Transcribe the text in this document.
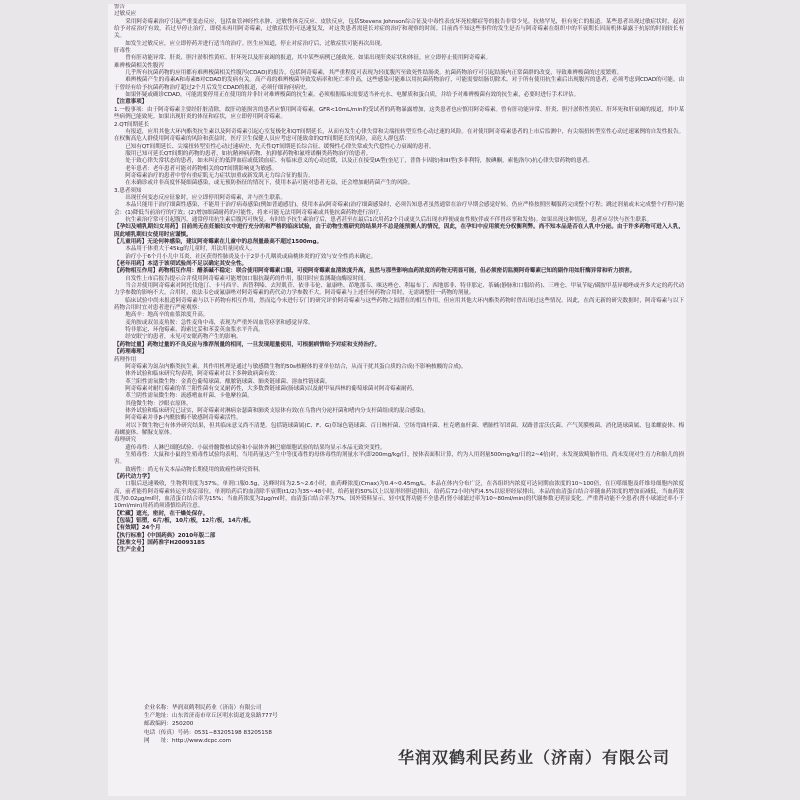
警告

过敏反应

采用阿奇霉素治疗引起严重变态反应，包括血管神经性水肿、过敏性休克反应、皮肤反应，包括Stevens Johnson综合征及中毒性表皮坏死松解症等的报告非常少见。抗热罕见，但有死亡的报道。某些患者出现过敏症状时，起初给予对症治疗有效，若过早停止治疗，即使未再用阿奇霉素，过敏症状仍可迅速复发，对这类患者需延长对症的治疗和观察的时间。目前尚不知这些事件的发生是否与阿奇霉素在组织中的半衰期长因而机体暴露于抗原的时间较长有关。

如发生过敏反应，应立即停药并进行适当的治疗。医生应知道，停止对症治疗后，过敏症状可能再次出现。

肝毒性

曾有肝功能异常、肝炎、胆汁淤积性黄疸、肝坏死以及肝衰竭的报道，其中某些病例已能致死。如果出现肝炎症状和体征，应立即停止使用阿奇霉素。

难辨梭菌相关性腹泻

几乎所有抗菌药物的应用都有难辨梭菌相关性腹泻(CDAD)的报告，包括阿奇霉素，其严重程度可表现为轻度腹泻至致死性结肠炎。抗菌药物治疗可引起结肠内正常菌群的改变，导致难辨梭菌的过度繁殖。

难辨梭菌产生的毒素A和毒素B对CDAD的发病有关。高产毒的难辨梭菌导致发病率和死亡率升高，这些感染可能难以用抗菌药物治疗，可能需要结肠切除术。对于所有使用抗生素后出现腹泻的患者，必须考虑到CDAD的可能。由于曾经有给予抗菌药物治疗超过2个月后发生CDAD的报道，必须仔细询问病史。

如果怀疑或确诊CDAD，可能需要停用正在使用的并非针对难辨梭菌的抗生素。必须根据临床需要适当补充水、电解质和蛋白质，并给予对难辨梭菌有效的抗生素，必要时进行手术评估。

【注意事项】

1.一般事项：由于阿奇霉素主要经肝脏清除，故肝功能损害的患者应慎用阿奇霉素。GFR<10mL/min的受试者的药物暴露增加，这类患者也应慎用阿奇霉素。曾有肝功能异常、肝炎、胆汁淤积性黄疸、肝坏死和肝衰竭的报道，其中某些病例已能致死。如果出现肝炎的体征和症状，应立即停用阿奇霉素。

2.QT间期延长

有报道，应用其他大环内酯类抗生素以及阿奇霉素引起心室复极化和QT间期延长，从而有发生心律失常和尖端扭转型室性心动过速的风险。在对使用阿奇霉素患者的上市后监测中，有尖端扭转型室性心动过速案例的自发性报告。在权衡高危人群使用阿奇霉素的风险和获益时，医疗卫生保健人员应考虑可能致命的QT间期延长的风险，高危人群包括：

已知有QT间期延长、尖端扭转型室性心动过速病史、先天性QT间期延长综合征、缓慢性心律失常或失代偿性心力衰竭的患者。

服用已知可延长QT间期的药物的患者，如抗精神病药物、抗抑郁药物和氟喹诺酮类药物治疗的患者。

处于致心律失常状态的患者，如未纠正的低钾血症或低镁血症、有临床意义的心动过缓，以及正在接受IA型(奎尼丁，普鲁卡因胺)和III型(多非利特，胺碘酮，索他洛尔)抗心律失常药物的患者。

老年患者：老年患者可能对药物相关的QT间期影响更为敏感。

阿奇霉素治疗的患者中曾有重症肌无力症状加重或新发肌无力综合征的报告。

在未确诊或并非高度怀疑细菌感染，或无预防指征的情况下，使用本品可能对患者无益，还会增加耐药菌产生的风险。

3.患者须知

出现任何变态反应征象时，应立即停用阿奇霉素，并与医生联系。

本品只能用于治疗细菌性感染，不能用于治疗病毒感染(例如普通感冒)。使用本品(阿奇霉素)治疗细菌感染时，必须告知患者虽然通常在治疗早期会感觉好转，仍应严格按照医嘱服药完成整个疗程；跳过剂量或未完成整个疗程可能会：(1)降低当前治疗的疗效；(2)增加细菌耐药的可能性，将来可能无法用阿奇霉素或其他抗菌药物进行治疗。

抗生素治疗常可引起腹泻，通常停用抗生素后腹泻可恢复。有时给予抗生素治疗后，患者甚至在最后1次用药2个月或更久后出现水样便或血性便(伴或不伴胃痉挛和发热)。如果出现这种情况，患者应尽快与医生联系。

【孕妇及哺乳期妇女用药】目前尚无在妊娠妇女中进行充分的和严格的临床试验，由于动物生殖研究的结果并不总是能预测人的情况，因此，在孕妇中应用须充分权衡利弊。尚不知本品是否在人乳中分泌。由于许多药物可进入人乳，因此哺乳期妇女使用时应谨慎。

【儿童用药】无论何种感染，建议阿奇霉素在儿童中的总剂量最高不超过1500mg。

本品用于体重大于45kg的儿童时，用法用量同成人。

治疗小于6个月小儿中耳炎、社区获得性肺炎及小于2岁小儿咽炎或扁桃体炎的疗效与安全性尚未确定。

【老年用药】本适于该项试验尚不足以确定其安全性。

【药物相互作用】药物相互作用：醋茶碱不稳定：联合使用阿奇霉素口服，可使阿奇霉素血清浓度升高，虽然与那些影响血药浓度的药物无明显可能，但必须密切监测阿奇霉素已知的副作用如肝酶异常和听力损害。

自发性上市后报告提示合并使用阿奇霉素可能增加口服抗凝药的作用，服用时应监测凝血酶原时间。

当合并使用阿奇霉素对阿托伐他汀、卡马西平、西替利嗪、去羟肌苷、依非韦伦、氟康唑、茚地那韦、咪达唑仑、利福布丁、西地那非、特非那定、茶碱(静脉和口服给药)、三唑仑、甲氧苄啶/磺胺甲基异噁唑或齐多夫定的药代动力学参数的影响不大。合用时，依法韦仑或氟康唑对阿奇霉素的药代动力学参数不大。阿奇霉素与上述任何药物合用时，无需调整任一药物的剂量。

临床试验中尚未报道阿奇霉素与以下药物有相互作用，然而迄今未进行专门的研究评价阿奇霉素与这些药物之间潜在的相互作用，但应用其他大环内酯类药物时曾出现过这些情况。因此，在尚无新的研究数据时，阿奇霉素与以下药物合用时宜对患者进行严密观察：

地高辛：地高辛的血浆浓度升高。

麦角胺或双氢麦角胺：急性麦角中毒，表现为严重外周血管痉挛和感觉异常。

特非那定、环孢霉素、海索比妥和苯妥英血浆水平升高。

经安眠宁的患者，未见可安眠药物产生的影响。

【药物过量】药物过量的不良反应与推荐剂量的相同，一旦发现超量使用，可根据病情给予对症和支持治疗。

【药理毒理】

药理作用

阿奇霉素为氮杂内酯类抗生素，其作用机理是通过与敏感微生物的50s核糖体的亚单位结合，从而干扰其蛋白质的合成(不影响核酸的合成)。

体外试验和临床研究均表明，阿奇霉素对以下多种致病菌有效：

革兰阳性需氧微生物：金黄色葡萄球菌、酿脓链球菌、肺炎链球菌、溶血性链球菌。

阿奇霉素对耐红霉素的革兰阳性菌有交叉耐药性，大多数粪链球菌(肠球菌)以及耐甲氧西林的葡萄球菌对阿奇霉素耐药。

革兰阴性需氧微生物：流感嗜血杆菌、卡他摩拉菌。

其他微生物：沙眼衣原体。

体外试验和临床研究已证实，阿奇霉素对淋病奈瑟菌和肺炎支原体有效(在乌鲁内分泌杆菌和嗜内分支杆菌组成的混合感染)。

阿奇霉素并非β-内酰胺酶不敏感阿奇霉素活性。

对以下微生物已有体外研究结果，但其临床意义尚不清楚。包括链球菌属(C、F、G)草绿色链球菌、百日咳杆菌、空场弯曲杆菌、杜克嗜血杆菌、嗜肺性军团菌、双路普雷沃氏菌、产气荚膜梭菌、消化链球菌属、包柔螺旋体、梅毒螺旋体、解脲支原体。

毒理研究

遗传毒性：人淋巴细胞试验、小鼠骨髓微核试验和小鼠体外淋巴瘤细胞试验的结果均显示本品无致突变性。

生殖毒性：大鼠和小鼠的生殖毒性试验均表明，当用药量达产生中等度毒性的母体毒性的剂量水平(即200mg/kg/日，按体表面积计算，约为人用剂量500mg/kg/日的2~4倍)时，未发现致畸胎作用。尚未发现对生育力和胎儿的损害。

致癌性：尚无有关本品动物长期使用的致癌性研究资料。

【药代动力学】

口服后迅速吸收，生物利用度为37%。单剂口服0.5g，达峰时间为2.5~2.6小时，血药峰浓度(Cmax)为0.4~0.45mg/L。本品在体内分布广泛，在各组织内浓度可达同期血浓度的10~100倍，在巨噬细胞及纤维母细胞内浓度高，前者能将阿奇霉素转运至炎症部位。单剂给药后的血清除半衰期(t1/2)为35~48小时，给药量的50%以上以原形经胆道排出，给药后72小时内约4.5%以原形经尿排出。本品的血清蛋白结合率随血药浓度的增加而减低，当血药浓度为0.02μg/ml时，血清蛋白结合率为15%；当血药浓度为2μg/ml时，血清蛋白结合率为7%。国外资料显示，轻中度肾功能不全患者(肾小球滤过率为10~80ml/min)的代谢参数无明显变化。严重肾功能不全患者(肾小球滤过率小于10ml/min)用药尚须谨慎给药注意。

【贮藏】遮光，密封，在干燥处保存。

【包装】铝塑，6片/板，10片/板，12片/板，14片/板。

【有效期】24个月

【执行标准】《中国药典》2010年版二部

【批准文号】国药准字H20093185

【生产企业】

企业名称：华润双鹤利民药业（济南）有限公司
生产地址：山东省济南市章丘区明水街道龙泉路777号
邮政编码：250200
电话（传真）号码：0531−83205198 83205158
网　　址：http://www.dcpc.com
华润双鹤利民药业（济南）有限公司
